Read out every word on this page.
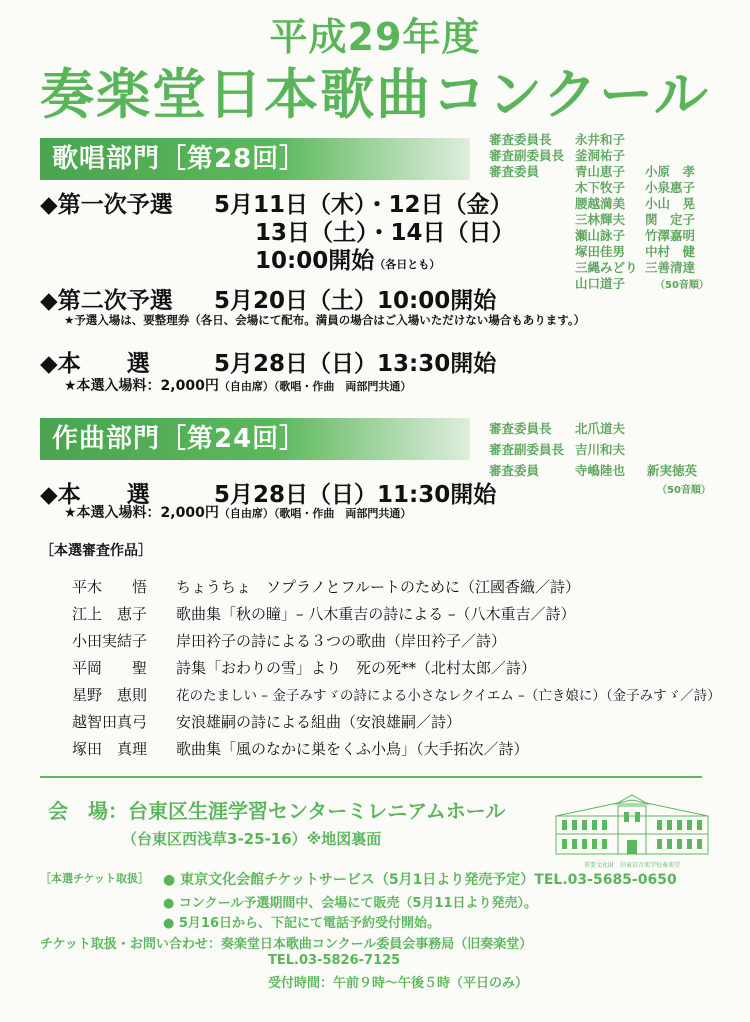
平成29年度
奏楽堂日本歌曲コンクール
歌唱部門［第28回］
審査委員長 永井和子
審査副委員長 釜洞祐子
審査委員	青山恵子 小原　孝
木下牧子 小泉惠子
腰越満美 小山　晃
三林輝夫 関　定子
瀬山詠子 竹澤嘉明
塚田佳男 中村　健
三縄みどり 三善清達
山口道子	（50音順）
◆第一次予選 5月11日（木）・12日（金）
13日（土）・14日（日）
10:00開始（各日とも）
◆第二次予選 5月20日（土）10:00開始
★予選入場は、要整理券（各日、会場にて配布。満員の場合はご入場いただけない場合もあります。）
◆本　　選	5月28日（日）13:30開始
★本選入場料：2,000円（自由席）（歌唱・作曲　両部門共通）
作曲部門［第24回］	審査委員長 北爪道夫
審査副委員長 吉川和夫
審査委員	寺嶋陸也 新実徳英
（50音順）
◆本　　選	5月28日（日）11:30開始
★本選入場料：2,000円（自由席）（歌唱・作曲　両部門共通）
［本選審査作品］
平木　　悟 ちょうちょ　ソプラノとフルートのために（江國香織／詩）
江上　恵子 歌曲集「秋の瞳」– 八木重吉の詩による –（八木重吉／詩）
小田実結子 岸田衿子の詩による３つの歌曲（岸田衿子／詩）
平岡　　聖 詩集「おわりの雪」より　死の死**（北村太郎／詩）
星野　恵則 花のたましい – 金子みすゞの詩による小さなレクイエム –（亡き娘に）（金子みすゞ／詩）
越智田真弓 安浪雄嗣の詩による組曲（安浪雄嗣／詩）
塚田　真理 歌曲集「風のなかに巣をくふ小鳥」（大手拓次／詩）
会　場：台東区生涯学習センターミレニアムホール
（台東区西浅草3-25-16）※地図裏面
重要文化財　旧東京音楽学校奏楽堂
［本選チケット取扱］ ● 東京文化会館チケットサービス（5月1日より発売予定）TEL.03-5685-0650
● コンクール予選期間中、会場にて販売（5月11日より発売）。
● 5月16日から、下記にて電話予約受付開始。
チケット取扱・お問い合わせ：奏楽堂日本歌曲コンクール委員会事務局（旧奏楽堂）
TEL.03-5826-7125
受付時間：午前９時～午後５時（平日のみ）
